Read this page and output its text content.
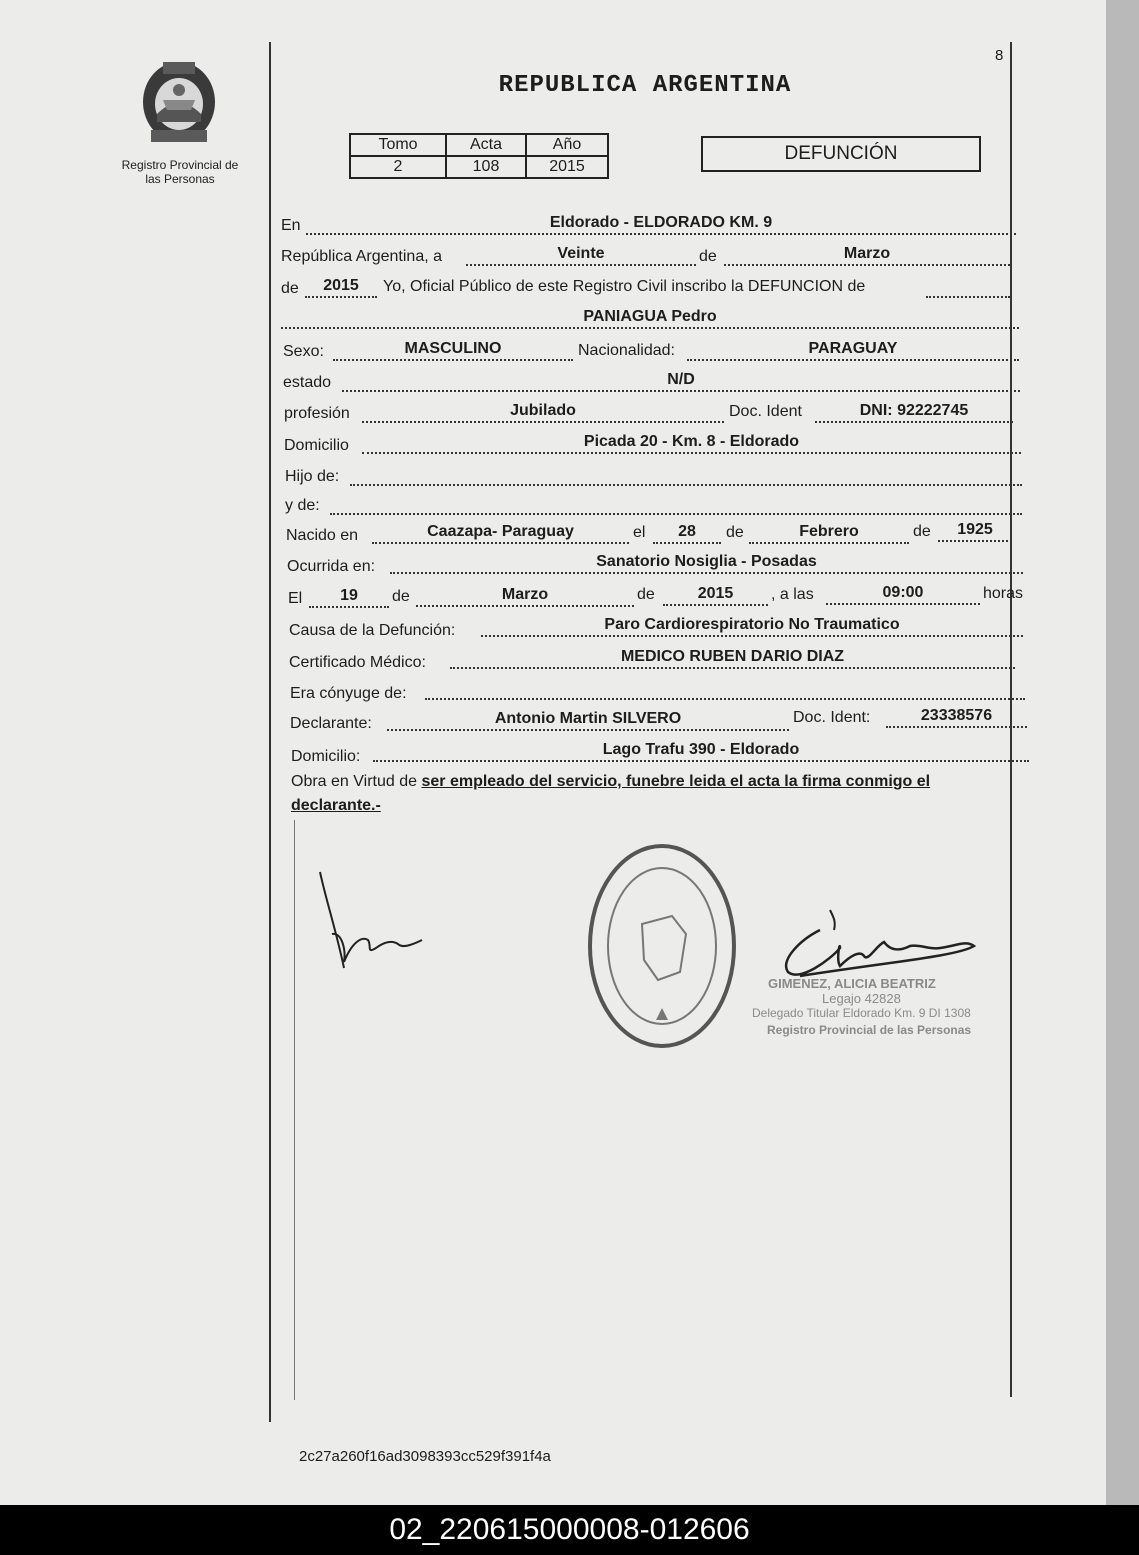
8
Registro Provincial de
las Personas
REPUBLICA ARGENTINA
Tomo	Acta	Año
2	108	2015
DEFUNCIÓN
En	Eldorado - ELDORADO KM. 9
República Argentina, a	Veinte	de	Marzo
de	2015	Yo, Oficial Público de este Registro Civil inscribo la DEFUNCION de
PANIAGUA Pedro
Sexo:	MASCULINO	Nacionalidad:	PARAGUAY
estado	N/D
profesión	Jubilado	Doc. Ident	DNI: 92222745
Domicilio	Picada 20 - Km. 8 - Eldorado
Hijo de:
y de:
Nacido en	Caazapa- Paraguay	el	28	de	Febrero	de	1925
Ocurrida en:	Sanatorio Nosiglia - Posadas
El	19	de	Marzo	de	2015	, a las	09:00	horas
Causa de la Defunción:	Paro Cardiorespiratorio No Traumatico
Certificado Médico:	MEDICO RUBEN DARIO DIAZ
Era cónyuge de:
Declarante:	Antonio Martin SILVERO	Doc. Ident:	23338576
Domicilio:	Lago Trafu 390 - Eldorado
Obra en Virtud de ser empleado del servicio, funebre leida el acta la firma conmigo el
declarante.-
GIMENEZ, ALICIA BEATRIZ
Legajo 42828
Delegado Titular Eldorado Km. 9 DI 1308
Registro Provincial de las Personas
2c27a260f16ad3098393cc529f391f4a
02_220615000008-012606
